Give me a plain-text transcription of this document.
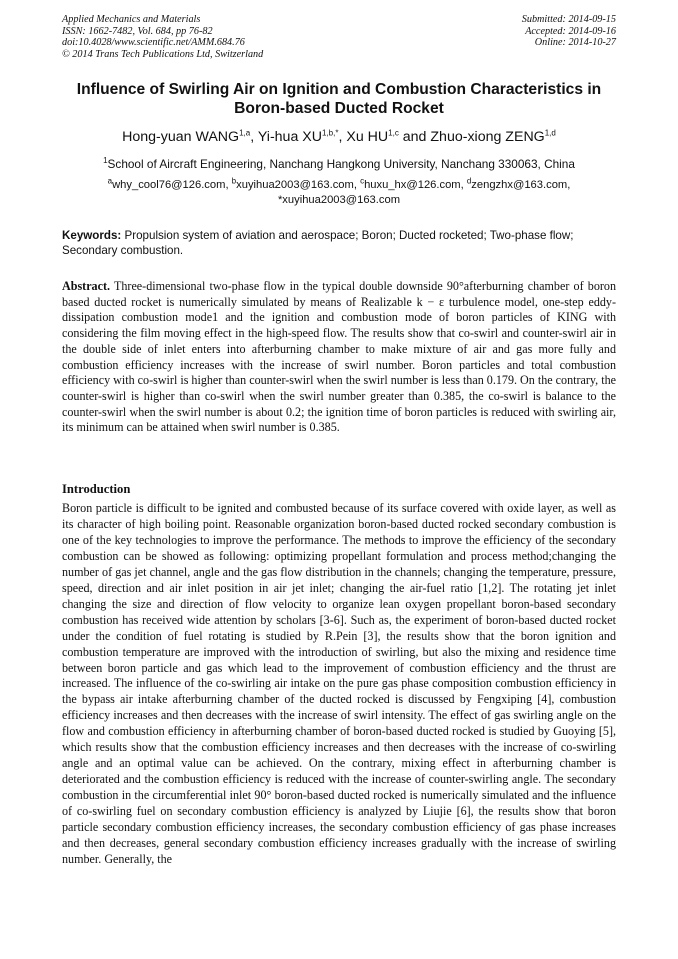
Applied Mechanics and Materials
ISSN: 1662-7482, Vol. 684, pp 76-82
doi:10.4028/www.scientific.net/AMM.684.76
© 2014 Trans Tech Publications Ltd, Switzerland
Submitted: 2014-09-15
Accepted: 2014-09-16
Online: 2014-10-27
Influence of Swirling Air on Ignition and Combustion Characteristics in Boron-based Ducted Rocket
Hong-yuan WANG$^{1,a}$, Yi-hua $XU^{1,b,*}$, Xu HU$^{1,c}$ and Zhuo-xiong ZENG$^{1,d}$
$^1$School of Aircraft Engineering, Nanchang Hangkong University, Nanchang 330063, China
$^a$why_cool76@126.com, $^b$xuyihua2003@163.com, $^c$huxu_hx@126.com, $^d$zengzhx@163.com,
*xuyihua2003@163.com
Keywords: Propulsion system of aviation and aerospace; Boron; Ducted rocketed; Two-phase flow; Secondary combustion.
Abstract. Three-dimensional two-phase flow in the typical double downside 90°afterburning chamber of boron based ducted rocket is numerically simulated by means of Realizable k − ε turbulence model, one-step eddy-dissipation combustion mode1 and the ignition and combustion mode of boron particles of KING with considering the film moving effect in the high-speed flow. The results show that co-swirl and counter-swirl air in the double side of inlet enters into afterburning chamber to make mixture of air and gas more fully and combustion efficiency increases with the increase of swirl number. Boron particles and total combustion efficiency with co-swirl is higher than counter-swirl when the swirl number is less than 0.179. On the contrary, the counter-swirl is higher than co-swirl when the swirl number greater than 0.385, the co-swirl is balance to the counter-swirl when the swirl number is about 0.2; the ignition time of boron particles is reduced with swirling air, its minimum can be attained when swirl number is 0.385.
Introduction
Boron particle is difficult to be ignited and combusted because of its surface covered with oxide layer, as well as its character of high boiling point. Reasonable organization boron-based ducted rocked secondary combustion is one of the key technologies to improve the performance. The methods to improve the efficiency of the secondary combustion can be showed as following: optimizing propellant formulation and process method;changing the number of gas jet channel, angle and the gas flow distribution in the channels; changing the temperature, pressure, speed, direction and air inlet position in air jet inlet; changing the air-fuel ratio [1,2]. The rotating jet inlet changing the size and direction of flow velocity to organize lean oxygen propellant boron-based secondary combustion has received wide attention by scholars [3-6]. Such as, the experiment of boron-based ducted rocket under the condition of fuel rotating is studied by R.Pein [3], the results show that the boron ignition and combustion temperature are improved with the introduction of swirling, but also the mixing and residence time between boron particle and gas which lead to the improvement of combustion efficiency and the thrust are increased. The influence of the co-swirling air intake on the pure gas phase composition combustion efficiency in the bypass air intake afterburning chamber of the ducted rocked is discussed by Fengxiping [4], combustion efficiency increases and then decreases with the increase of swirl intensity. The effect of gas swirling angle on the flow and combustion efficiency in afterburning chamber of boron-based ducted rocked is studied by Guoying [5], which results show that the combustion efficiency increases and then decreases with the increase of co-swirling angle and an optimal value can be achieved. On the contrary, mixing effect in afterburning chamber is deteriorated and the combustion efficiency is reduced with the increase of counter-swirling angle. The secondary combustion in the circumferential inlet 90° boron-based ducted rocked is numerically simulated and the influence of co-swirling fuel on secondary combustion efficiency is analyzed by Liujie [6], the results show that boron particle secondary combustion efficiency increases, the secondary combustion efficiency of gas phase increases and then decreases, general secondary combustion efficiency increases gradually with the increase of swirling number. Generally, the
